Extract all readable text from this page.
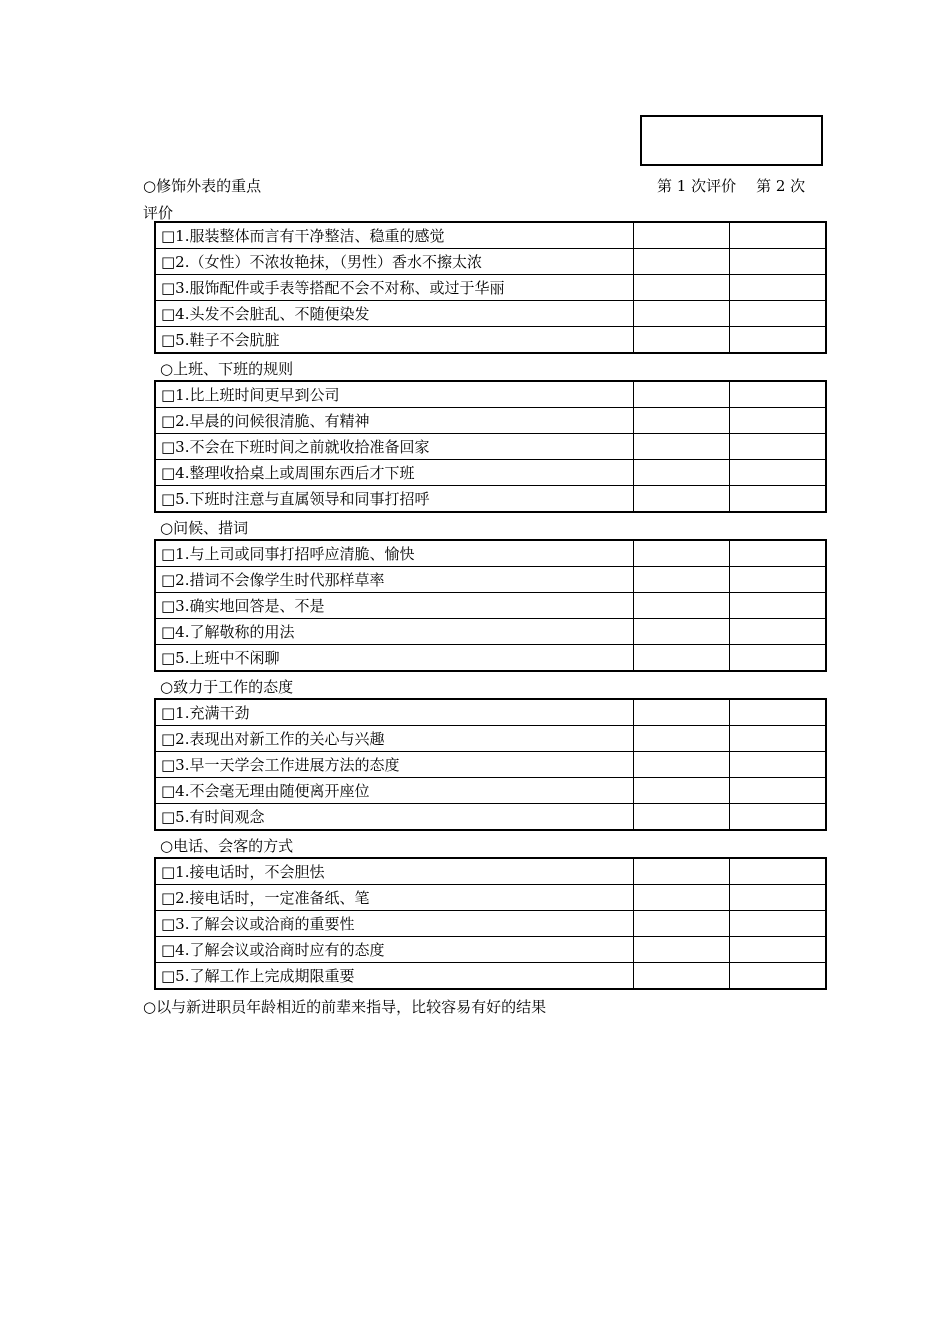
○修饰外表的重点
评价
第 1 次评价 第 2 次
□1.服装整体而言有干净整洁、稳重的感觉		
□2.（女性）不浓妆艳抹，（男性）香水不擦太浓		
□3.服饰配件或手表等搭配不会不对称、或过于华丽		
□4.头发不会脏乱、不随便染发		
□5.鞋子不会肮脏		
○上班、下班的规则
□1.比上班时间更早到公司		
□2.早晨的问候很清脆、有精神		
□3.不会在下班时间之前就收拾准备回家		
□4.整理收拾桌上或周围东西后才下班		
□5.下班时注意与直属领导和同事打招呼		
○问候、措词
□1.与上司或同事打招呼应清脆、愉快		
□2.措词不会像学生时代那样草率		
□3.确实地回答是、不是		
□4.了解敬称的用法		
□5.上班中不闲聊		
○致力于工作的态度
□1.充满干劲		
□2.表现出对新工作的关心与兴趣		
□3.早一天学会工作进展方法的态度		
□4.不会毫无理由随便离开座位		
□5.有时间观念		
○电话、会客的方式
□1.接电话时，不会胆怯		
□2.接电话时，一定准备纸、笔		
□3.了解会议或洽商的重要性		
□4.了解会议或洽商时应有的态度		
□5.了解工作上完成期限重要		
○以与新进职员年龄相近的前辈来指导，比较容易有好的结果
